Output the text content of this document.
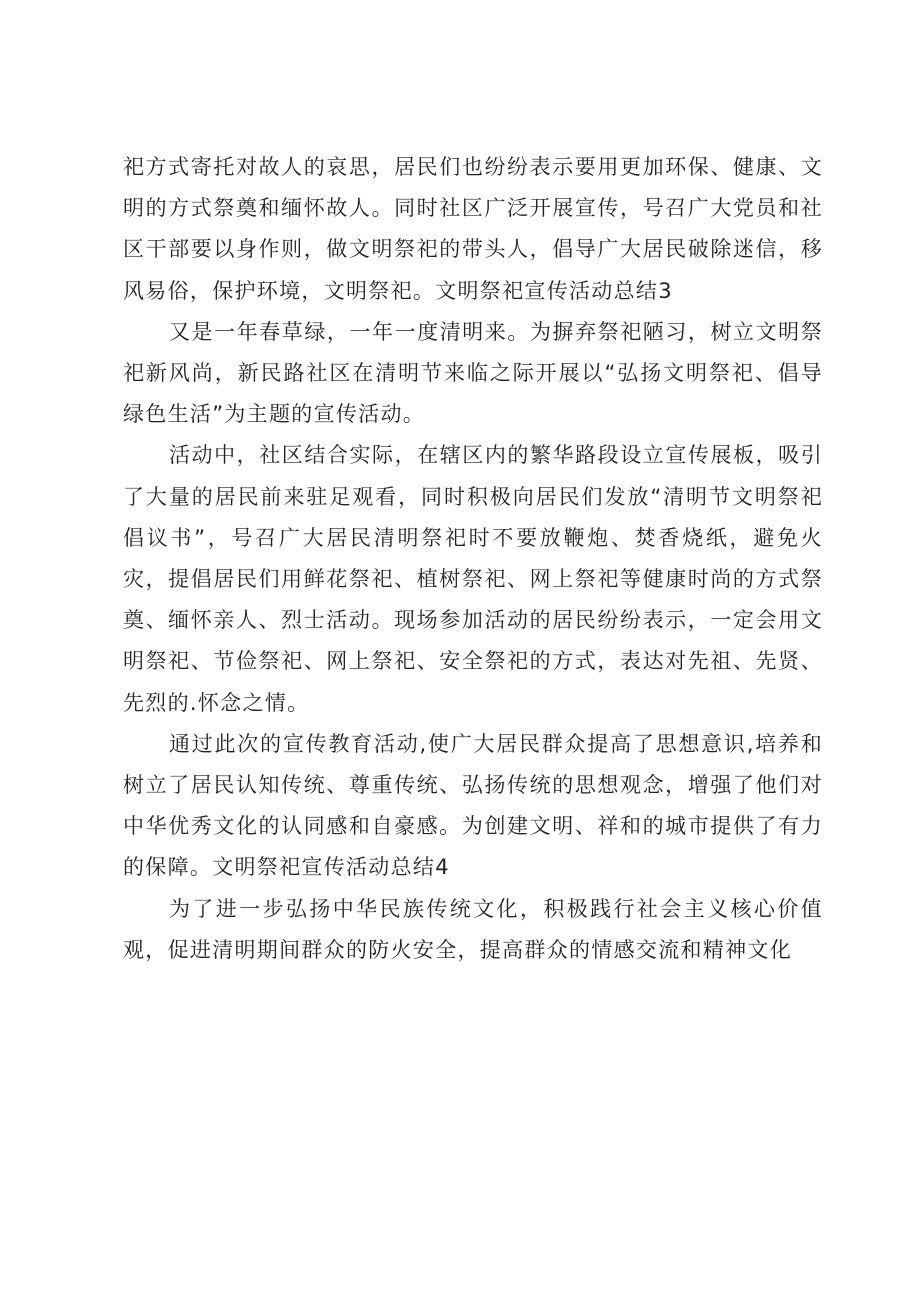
祀方式寄托对故人的哀思，居民们也纷纷表示要用更加环保、健康、文明的方式祭奠和缅怀故人。同时社区广泛开展宣传，号召广大党员和社区干部要以身作则，做文明祭祀的带头人，倡导广大居民破除迷信，移风易俗，保护环境，文明祭祀。文明祭祀宣传活动总结3

又是一年春草绿，一年一度清明来。为摒弃祭祀陋习，树立文明祭祀新风尚，新民路社区在清明节来临之际开展以“弘扬文明祭祀、倡导绿色生活”为主题的宣传活动。

活动中，社区结合实际，在辖区内的繁华路段设立宣传展板，吸引了大量的居民前来驻足观看，同时积极向居民们发放“清明节文明祭祀倡议书”，号召广大居民清明祭祀时不要放鞭炮、焚香烧纸，避免火灾，提倡居民们用鲜花祭祀、植树祭祀、网上祭祀等健康时尚的方式祭奠、缅怀亲人、烈士活动。现场参加活动的居民纷纷表示，一定会用文明祭祀、节俭祭祀、网上祭祀、安全祭祀的方式，表达对先祖、先贤、先烈的.怀念之情。

通过此次的宣传教育活动,使广大居民群众提高了思想意识,培养和树立了居民认知传统、尊重传统、弘扬传统的思想观念，增强了他们对中华优秀文化的认同感和自豪感。为创建文明、祥和的城市提供了有力的保障。文明祭祀宣传活动总结4

为了进一步弘扬中华民族传统文化，积极践行社会主义核心价值观，促进清明期间群众的防火安全，提高群众的情感交流和精神文化
